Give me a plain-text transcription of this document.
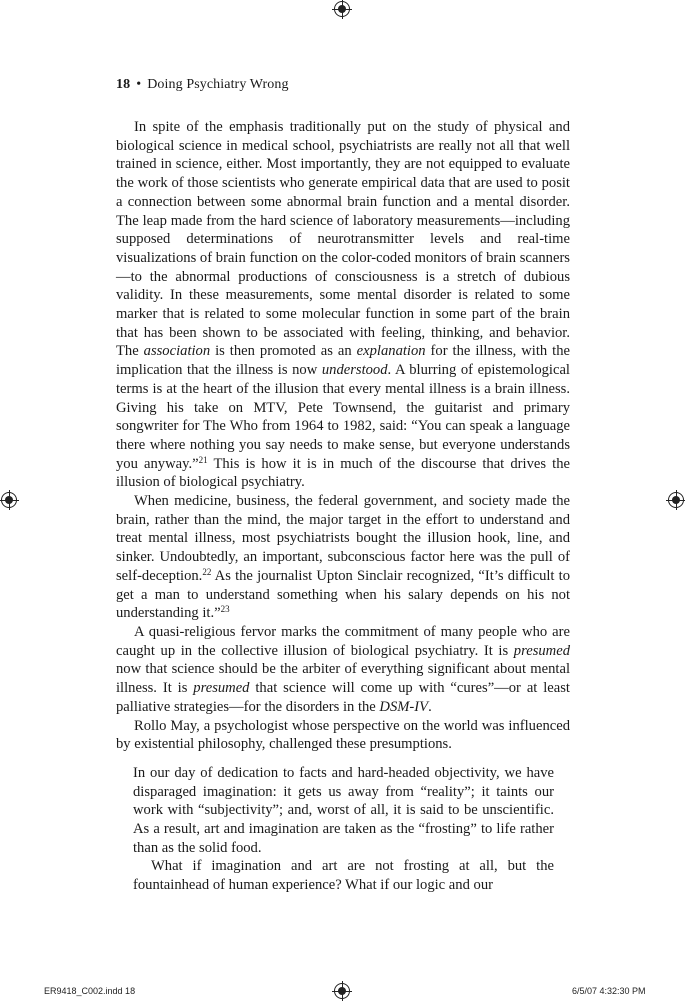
18 • Doing Psychiatry Wrong

In spite of the emphasis traditionally put on the study of physical and biological science in medical school, psychiatrists are really not all that well trained in science, either. Most importantly, they are not equipped to evaluate the work of those scientists who generate empirical data that are used to posit a connection between some abnormal brain function and a mental disorder. The leap made from the hard science of laboratory measurements—including supposed determinations of neurotransmitter levels and real-time visualizations of brain function on the color-coded monitors of brain scanners—to the abnormal productions of consciousness is a stretch of dubious validity. In these measurements, some mental disorder is related to some marker that is related to some molecular function in some part of the brain that has been shown to be associated with feeling, thinking, and behavior. The association is then promoted as an explanation for the illness, with the implication that the illness is now understood. A blurring of epistemological terms is at the heart of the illusion that every mental illness is a brain illness. Giving his take on MTV, Pete Townsend, the guitarist and primary songwriter for The Who from 1964 to 1982, said: “You can speak a language there where nothing you say needs to make sense, but everyone understands you anyway.”$^{21}$ This is how it is in much of the discourse that drives the illusion of biological psychiatry.

When medicine, business, the federal government, and society made the brain, rather than the mind, the major target in the effort to understand and treat mental illness, most psychiatrists bought the illusion hook, line, and sinker. Undoubtedly, an important, subconscious factor here was the pull of self-deception.$^{22}$ As the journalist Upton Sinclair recognized, “It’s difficult to get a man to understand something when his salary depends on his not understanding it.”$^{23}$

A quasi-religious fervor marks the commitment of many people who are caught up in the collective illusion of biological psychiatry. It is presumed now that science should be the arbiter of everything significant about mental illness. It is presumed that science will come up with “cures”—or at least palliative strategies—for the disorders in the DSM-IV.

Rollo May, a psychologist whose perspective on the world was influenced by existential philosophy, challenged these presumptions.

In our day of dedication to facts and hard-headed objectivity, we have disparaged imagination: it gets us away from “reality”; it taints our work with “subjectivity”; and, worst of all, it is said to be unscientific. As a result, art and imagination are taken as the “frosting” to life rather than as the solid food.

What if imagination and art are not frosting at all, but the fountainhead of human experience? What if our logic and our

ER9418_C002.indd 18	6/5/07 4:32:30 PM
